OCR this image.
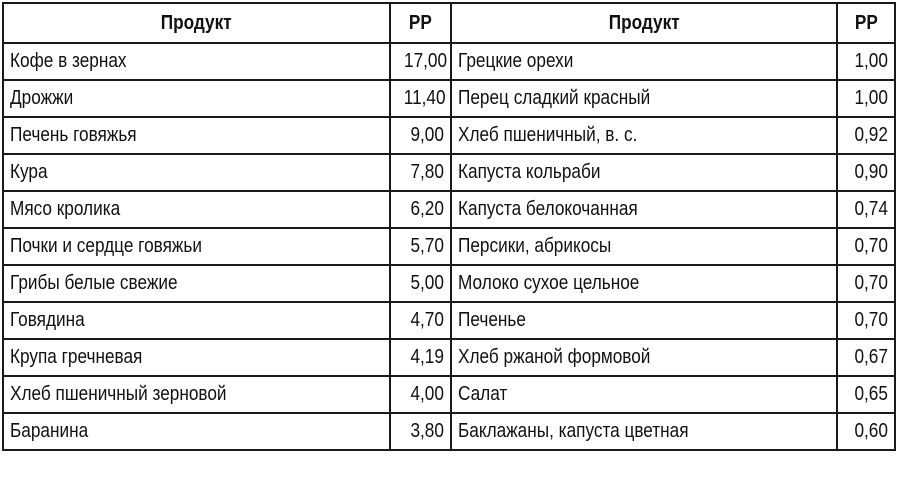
Продукт	PP	Продукт	PP
Кофе в зернах	17,00	Грецкие орехи	1,00
Дрожжи	11,40	Перец сладкий красный	1,00
Печень говяжья	9,00	Хлеб пшеничный, в. с.	0,92
Кура	7,80	Капуста кольраби	0,90
Мясо кролика	6,20	Капуста белокочанная	0,74
Почки и сердце говяжьи	5,70	Персики, абрикосы	0,70
Грибы белые свежие	5,00	Молоко сухое цельное	0,70
Говядина	4,70	Печенье	0,70
Крупа гречневая	4,19	Хлеб ржаной формовой	0,67
Хлеб пшеничный зерновой	4,00	Салат	0,65
Баранина	3,80	Баклажаны, капуста цветная	0,60
